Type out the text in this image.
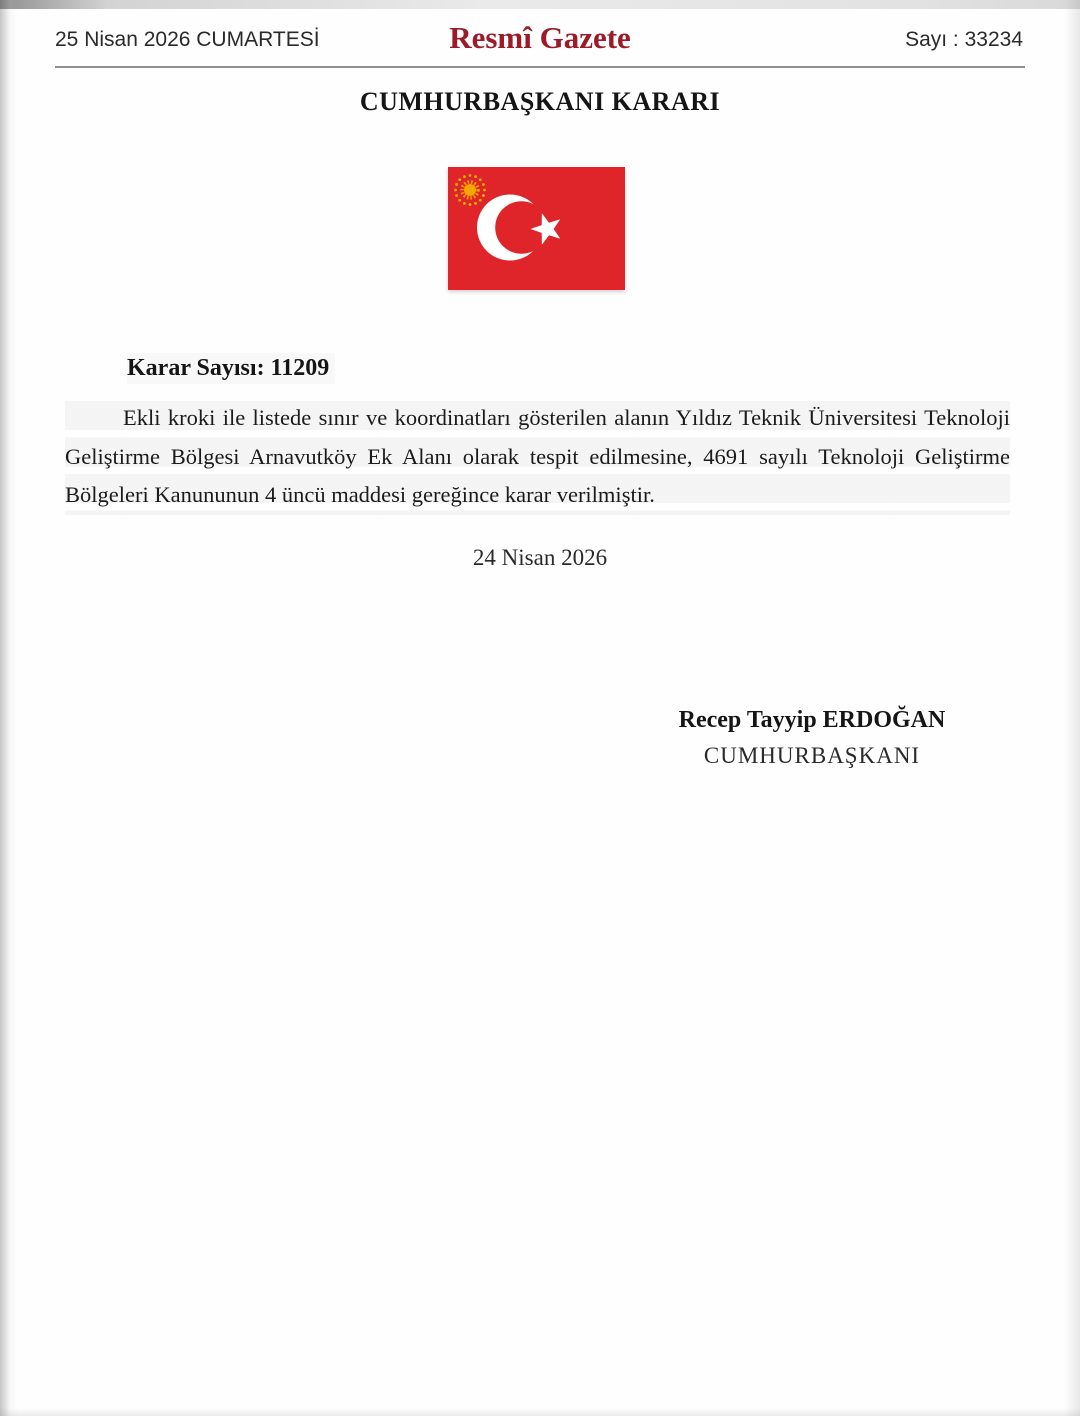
25 Nisan 2026 CUMARTESİ	Resmî Gazete	Sayı : 33234
CUMHURBAŞKANI KARARI
Karar Sayısı: 11209

Ekli kroki ile listede sınır ve koordinatları gösterilen alanın Yıldız Teknik Üniversitesi Teknoloji Geliştirme Bölgesi Arnavutköy Ek Alanı olarak tespit edilmesine, 4691 sayılı Teknoloji Geliştirme Bölgeleri Kanununun 4 üncü maddesi gereğince karar verilmiştir.

24 Nisan 2026
Recep Tayyip ERDOĞAN
CUMHURBAŞKANI
